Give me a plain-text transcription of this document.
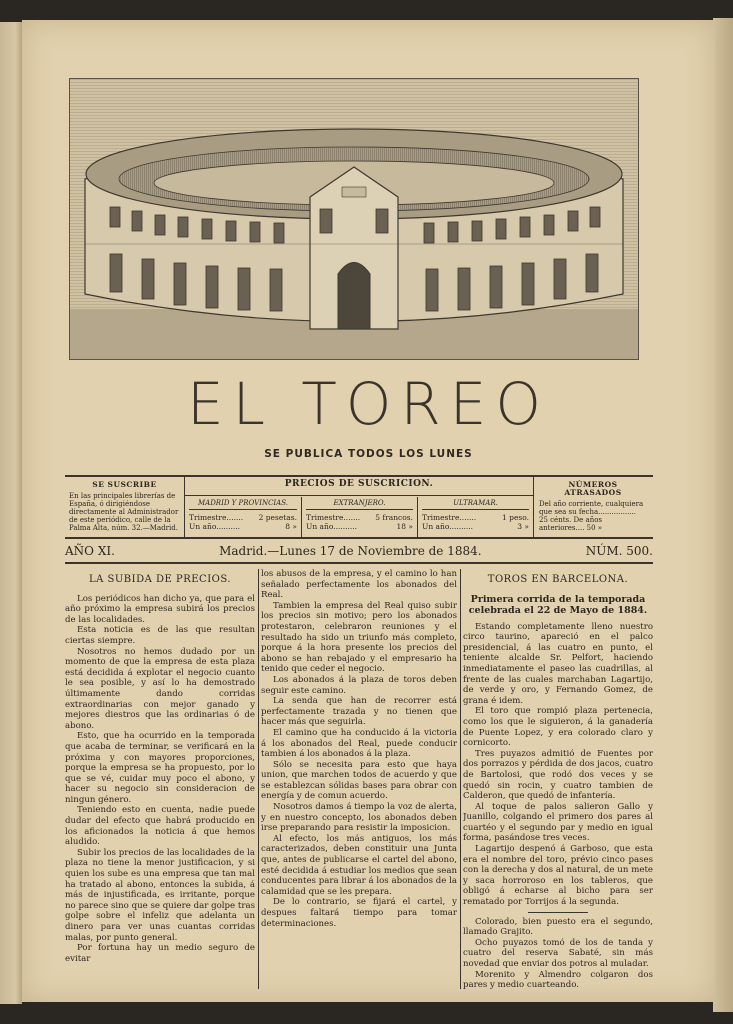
EL TOREO
SE PUBLICA TODOS LOS LUNES
SE SUSCRIBE
En las principales librerías de España, ó dirigiéndose directamente al Administrador de este periódico, calle de la Palma Alta, núm. 32.—Madrid.
PRECIOS DE SUSCRICION.
MADRID Y PROVINCIAS.
Trimestre....... 2 pesetas.
Un año..........	8 »
EXTRANJERO.
Trimestre....... 5 francos.
Un año..........	18 »
ULTRAMAR.
Trimestre.......	1 peso.
Un año..........	3 »
NÚMEROS ATRASADOS
Del año corriente, cualquiera que sea su fecha................. 25 cénts. De años anteriores.... 50 »
AÑO XI.	Madrid.—Lunes 17 de Noviembre de 1884.	NÚM. 500.
LA SUBIDA DE PRECIOS.

Los periódicos han dicho ya, que para el año próximo la empresa subirá los precios de las localidades.

Esta noticia es de las que resultan ciertas siempre.

Nosotros no hemos dudado por un momento de que la empresa de esta plaza está decidida á explotar el negocio cuanto le sea posible, y así lo ha demostrado últimamente dando corridas extraordinarias con mejor ganado y mejores diestros que las ordinarias ó de abono.

Esto, que ha ocurrido en la temporada que acaba de terminar, se verificará en la próxima y con mayores proporciones, porque la empresa se ha propuesto, por lo que se vé, cuidar muy poco el abono, y hacer su negocio sin consideracion de ningun género.

Teniendo esto en cuenta, nadie puede dudar del efecto que habrá producido en los aficionados la noticia á que hemos aludido.

Subir los precios de las localidades de la plaza no tiene la menor justificacion, y si quien los sube es una empresa que tan mal ha tratado al abono, entonces la subida, á más de injustificada, es irritante, porque no parece sino que se quiere dar golpe tras golpe sobre el infeliz que adelanta un dinero para ver unas cuantas corridas malas, por punto general.

Por fortuna hay un medio seguro de evitar

los abusos de la empresa, y el camino lo han señalado perfectamente los abonados del Real.

Tambien la empresa del Real quiso subir los precios sin motivo; pero los abonados protestaron, celebraron reuniones y el resultado ha sido un triunfo más completo, porque á la hora presente los precios del abono se han rebajado y el empresario ha tenido que ceder el negocio.

Los abonados á la plaza de toros deben seguir este camino.

La senda que han de recorrer está perfectamente trazada y no tienen que hacer más que seguirla.

El camino que ha conducido á la victoria á los abonados del Real, puede conducir tambien á los abonados á la plaza.

Sólo se necesita para esto que haya union, que marchen todos de acuerdo y que se establezcan sólidas bases para obrar con energía y de comun acuerdo.

Nosotros damos á tiempo la voz de alerta, y en nuestro concepto, los abonados deben irse preparando para resistir la imposicion.

Al efecto, los más antiguos, los más caracterizados, deben constituir una Junta que, antes de publicarse el cartel del abono, esté decidida á estudiar los medios que sean conducentes para librar á los abonados de la calamidad que se les prepara.

De lo contrario, se fijará el cartel, y despues faltará tiempo para tomar determinaciones.

TOROS EN BARCELONA.
Primera corrida de la temporada celebrada el 22 de Mayo de 1884.

Estando completamente lleno nuestro circo taurino, apareció en el palco presidencial, á las cuatro en punto, el teniente alcalde Sr. Pelfort, haciendo inmediatamente el paseo las cuadrillas, al frente de las cuales marchaban Lagartijo, de verde y oro, y Fernando Gomez, de grana é idem.

El toro que rompió plaza pertenecia, como los que le siguieron, á la ganadería de Puente Lopez, y era colorado claro y cornicorto.

Tres puyazos admitió de Fuentes por dos porrazos y pérdida de dos jacos, cuatro de Bartolosi, que rodó dos veces y se quedó sin rocin, y cuatro tambien de Calderon, que quedó de infantería.

Al toque de palos salieron Gallo y Juanillo, colgando el primero dos pares al cuartéo y el segundo par y medio en igual forma, pasándose tres veces.

Lagartijo despenó á Garboso, que esta era el nombre del toro, prévio cinco pases con la derecha y dos al natural, de un mete y saca horroroso en los tableros, que obligó á echarse al bicho para ser rematado por Torrijos á la segunda.

Colorado, bien puesto era el segundo, llamado Grajito.

Ocho puyazos tomó de los de tanda y cuatro del reserva Sabaté, sin más novedad que enviar dos potros al muladar.

Morenito y Almendro colgaron dos pares y medio cuarteando.
